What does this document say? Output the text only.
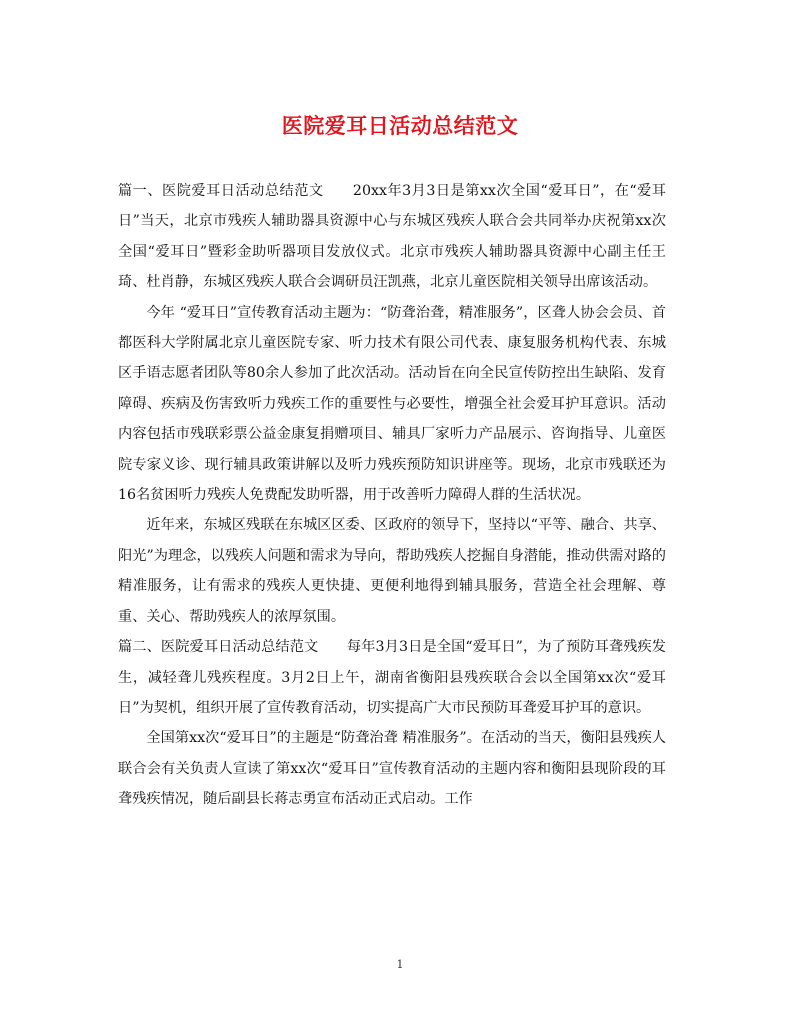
医院爱耳日活动总结范文

篇一、医院爱耳日活动总结范文　　20xx年3月3日是第xx次全国“爱耳日”，在“爱耳日”当天，北京市残疾人辅助器具资源中心与东城区残疾人联合会共同举办庆祝第xx次全国“爱耳日”暨彩金助听器项目发放仪式。北京市残疾人辅助器具资源中心副主任王琦、杜肖静，东城区残疾人联合会调研员汪凯燕，北京儿童医院相关领导出席该活动。

今年 “爱耳日”宣传教育活动主题为：“防聋治聋，精准服务”，区聋人协会会员、首都医科大学附属北京儿童医院专家、听力技术有限公司代表、康复服务机构代表、东城区手语志愿者团队等80余人参加了此次活动。活动旨在向全民宣传防控出生缺陷、发育障碍、疾病及伤害致听力残疾工作的重要性与必要性，增强全社会爱耳护耳意识。活动内容包括市残联彩票公益金康复捐赠项目、辅具厂家听力产品展示、咨询指导、儿童医院专家义诊、现行辅具政策讲解以及听力残疾预防知识讲座等。现场，北京市残联还为16名贫困听力残疾人免费配发助听器，用于改善听力障碍人群的生活状况。

近年来，东城区残联在东城区区委、区政府的领导下，坚持以“平等、融合、共享、阳光”为理念，以残疾人问题和需求为导向，帮助残疾人挖掘自身潜能，推动供需对路的精准服务，让有需求的残疾人更快捷、更便利地得到辅具服务，营造全社会理解、尊重、关心、帮助残疾人的浓厚氛围。

篇二、医院爱耳日活动总结范文　　每年3月3日是全国“爱耳日”，为了预防耳聋残疾发生，减轻聋儿残疾程度。3月2日上午，湖南省衡阳县残疾联合会以全国第xx次“爱耳日”为契机，组织开展了宣传教育活动，切实提高广大市民预防耳聋爱耳护耳的意识。

全国第xx次“爱耳日”的主题是“防聋治聋 精准服务”。在活动的当天，衡阳县残疾人联合会有关负责人宣读了第xx次“爱耳日”宣传教育活动的主题内容和衡阳县现阶段的耳聋残疾情况，随后副县长蒋志勇宣布活动正式启动。工作

1
